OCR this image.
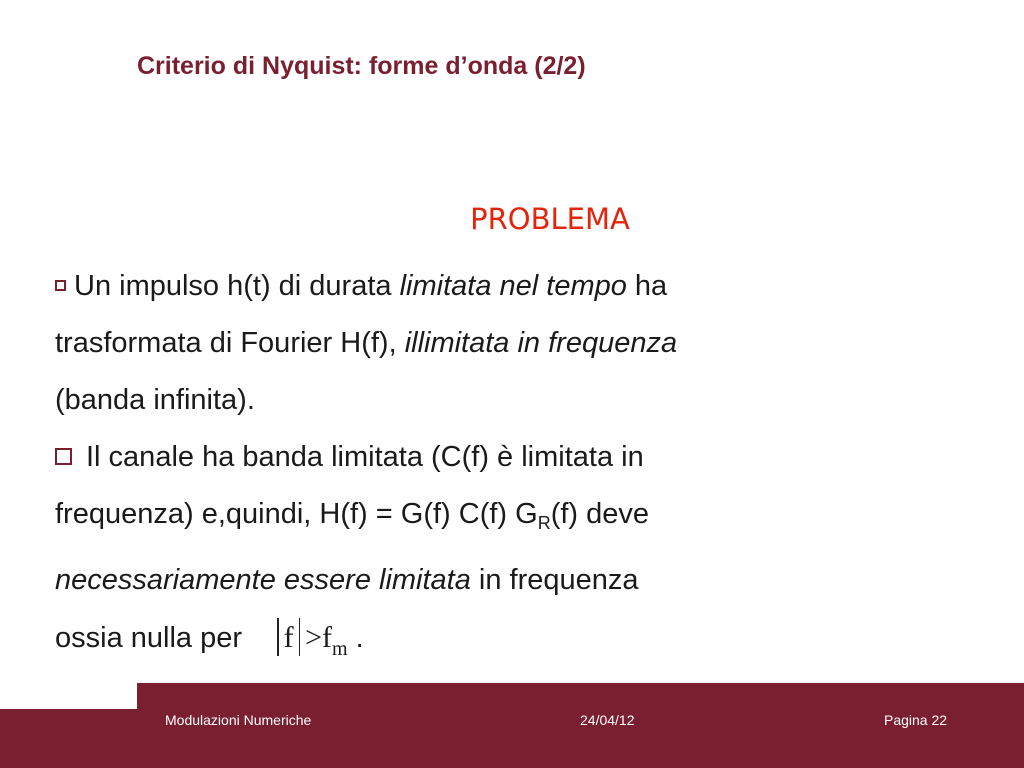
Criterio di Nyquist: forme d’onda (2/2)
PROBLEMA

Un impulso h(t) di durata limitata nel tempo ha

trasformata di Fourier H(f), illimitata in frequenza

(banda infinita).

Il canale ha banda limitata (C(f) è limitata in

frequenza) e,quindi, H(f) = G(f) C(f) $G_R(f)$ deve

necessariamente essere limitata in frequenza

ossia nulla per $f >f_m$ .

Modulazioni Numeriche	24/04/12	Pagina 22
